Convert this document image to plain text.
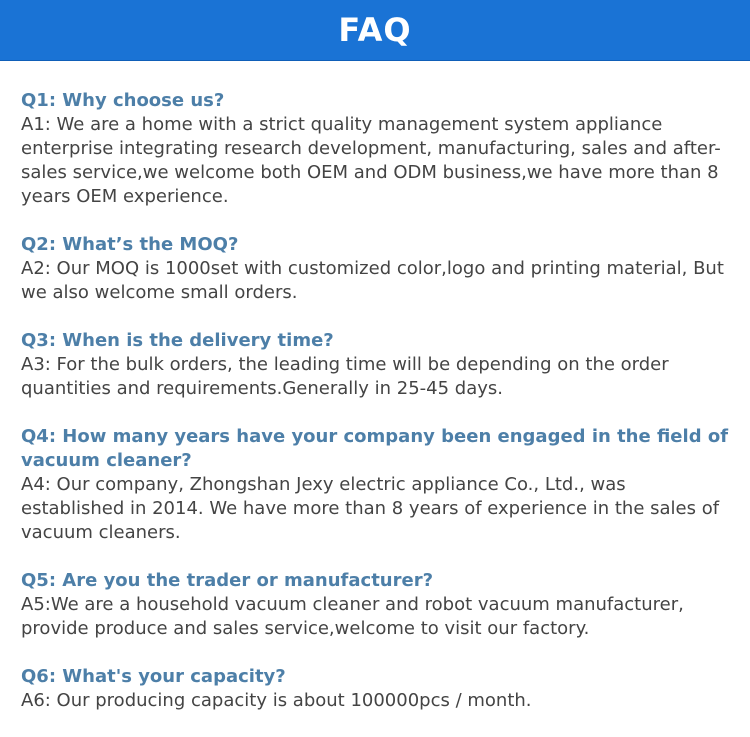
FAQ

Q1: Why choose us?

A1: We are a home with a strict quality management system appliance enterprise integrating research development, manufacturing, sales and after-sales service,we welcome both OEM and ODM business,we have more than 8 years OEM experience.

Q2: What’s the MOQ?

A2: Our MOQ is 1000set with customized color,logo and printing material, But we also welcome small orders.

Q3: When is the delivery time?

A3: For the bulk orders, the leading time will be depending on the order quantities and requirements.Generally in 25-45 days.

Q4: How many years have your company been engaged in the field of vacuum cleaner?

A4: Our company, Zhongshan Jexy electric appliance Co., Ltd., was established in 2014. We have more than 8 years of experience in the sales of vacuum cleaners.

Q5: Are you the trader or manufacturer?

A5:We are a household vacuum cleaner and robot vacuum manufacturer, provide produce and sales service,welcome to visit our factory.

Q6: What's your capacity?

A6: Our producing capacity is about 100000pcs / month.
